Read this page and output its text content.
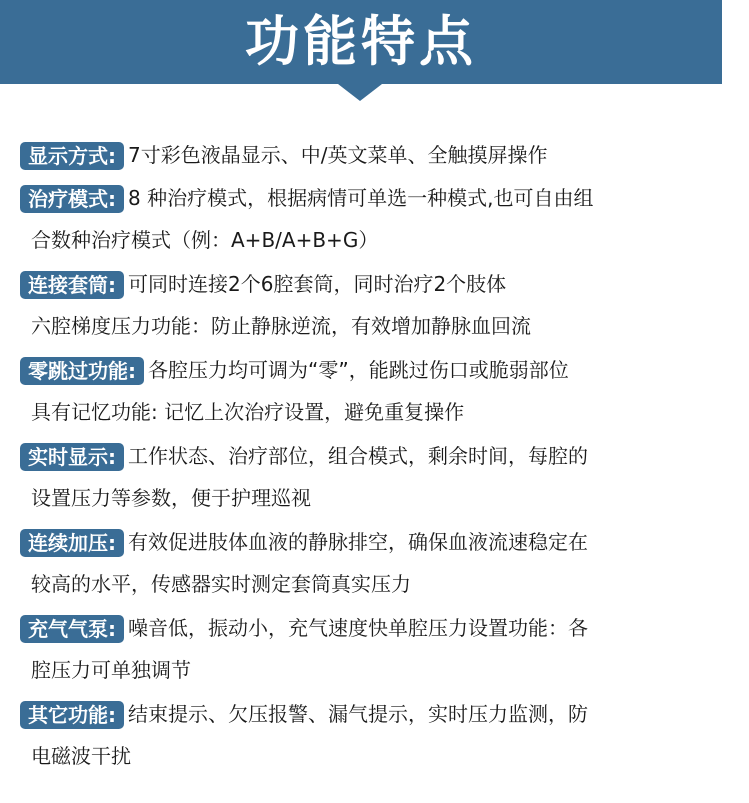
功能特点
显示方式: 7寸彩色液晶显示、中/英文菜单、全触摸屏操作
治疗模式: 8 种治疗模式，根据病情可单选一种模式,也可自由组
合数种治疗模式（例：A+B/A+B+G）
连接套筒: 可同时连接2个6腔套筒，同时治疗2个肢体
六腔梯度压力功能：防止静脉逆流，有效增加静脉血回流
零跳过功能: 各腔压力均可调为“零”，能跳过伤口或脆弱部位
具有记忆功能: 记忆上次治疗设置，避免重复操作
实时显示: 工作状态、治疗部位，组合模式，剩余时间，每腔的
设置压力等参数，便于护理巡视
连续加压: 有效促进肢体血液的静脉排空，确保血液流速稳定在
较高的水平，传感器实时测定套筒真实压力
充气气泵: 噪音低，振动小，充气速度快单腔压力设置功能：各
腔压力可单独调节
其它功能: 结束提示、欠压报警、漏气提示，实时压力监测，防
电磁波干扰
